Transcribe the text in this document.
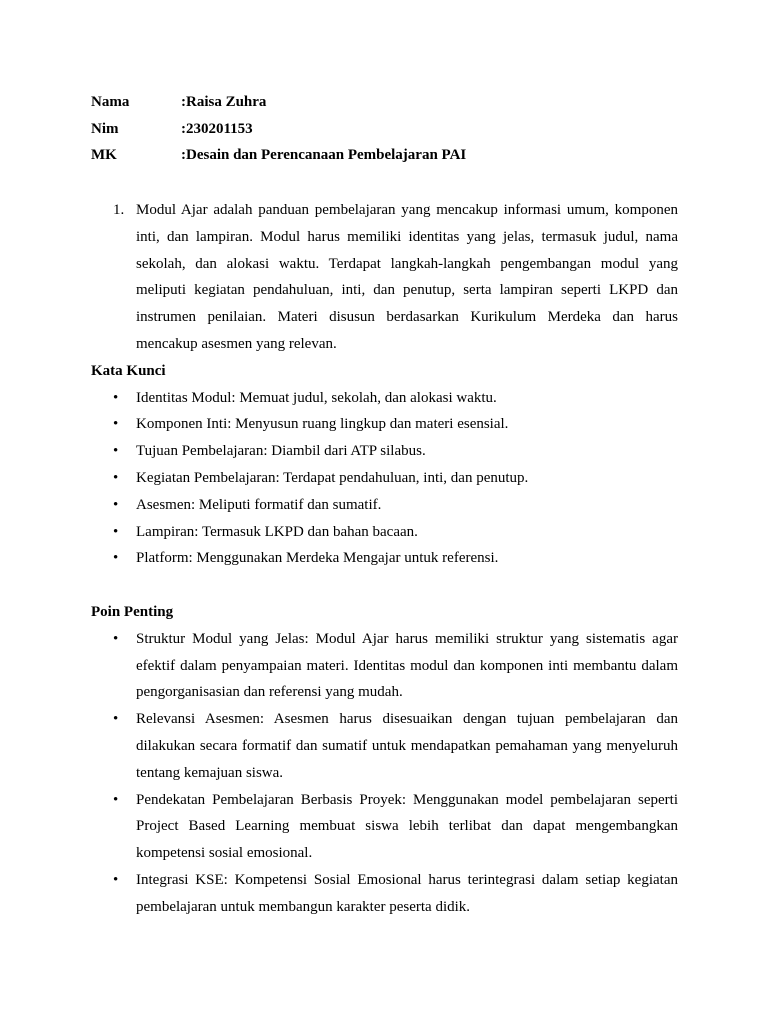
Nama	:Raisa Zuhra
Nim	:230201153
MK	:Desain dan Perencanaan Pembelajaran PAI
1. Modul Ajar adalah panduan pembelajaran yang mencakup informasi umum, komponen inti, dan lampiran. Modul harus memiliki identitas yang jelas, termasuk judul, nama sekolah, dan alokasi waktu. Terdapat langkah-langkah pengembangan modul yang meliputi kegiatan pendahuluan, inti, dan penutup, serta lampiran seperti LKPD dan instrumen penilaian. Materi disusun berdasarkan Kurikulum Merdeka dan harus mencakup asesmen yang relevan.
Kata Kunci
•	Identitas Modul: Memuat judul, sekolah, dan alokasi waktu.
•	Komponen Inti: Menyusun ruang lingkup dan materi esensial.
•	Tujuan Pembelajaran: Diambil dari ATP silabus.
•	Kegiatan Pembelajaran: Terdapat pendahuluan, inti, dan penutup.
•	Asesmen: Meliputi formatif dan sumatif.
•	Lampiran: Termasuk LKPD dan bahan bacaan.
•	Platform: Menggunakan Merdeka Mengajar untuk referensi.
Poin Penting
•	Struktur Modul yang Jelas: Modul Ajar harus memiliki struktur yang sistematis agar efektif dalam penyampaian materi. Identitas modul dan komponen inti membantu dalam pengorganisasian dan referensi yang mudah.
•	Relevansi Asesmen: Asesmen harus disesuaikan dengan tujuan pembelajaran dan dilakukan secara formatif dan sumatif untuk mendapatkan pemahaman yang menyeluruh tentang kemajuan siswa.
•	Pendekatan Pembelajaran Berbasis Proyek: Menggunakan model pembelajaran seperti Project Based Learning membuat siswa lebih terlibat dan dapat mengembangkan kompetensi sosial emosional.
•	Integrasi KSE: Kompetensi Sosial Emosional harus terintegrasi dalam setiap kegiatan pembelajaran untuk membangun karakter peserta didik.
